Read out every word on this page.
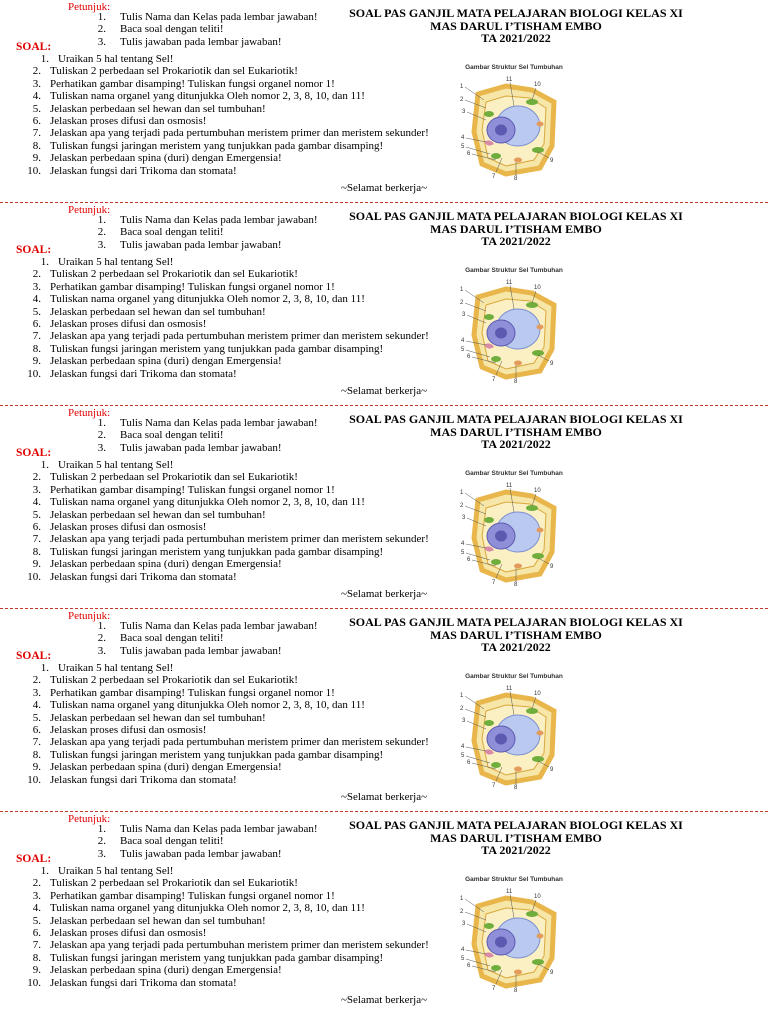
Petunjuk:
1.	Tulis Nama dan Kelas pada lembar jawaban!
2.	Baca soal dengan teliti!
3.	Tulis jawaban pada lembar jawaban!
SOAL PAS GANJIL MATA PELAJARAN BIOLOGI KELAS XI
MAS DARUL I’TISHAM EMBO
TA 2021/2022
SOAL:
1. Uraikan 5 hal tentang Sel!
2. Tuliskan 2 perbedaan sel Prokariotik dan sel Eukariotik!
3. Perhatikan gambar disamping! Tuliskan fungsi organel nomor 1!
4. Tuliskan nama organel yang ditunjukka Oleh nomor 2, 3, 8, 10, dan 11!
5. Jelaskan perbedaan sel hewan dan sel tumbuhan!
6. Jelaskan proses difusi dan osmosis!
7. Jelaskan apa yang terjadi pada pertumbuhan meristem primer dan meristem sekunder!
8. Tuliskan fungsi jaringan meristem yang tunjukkan pada gambar disamping!
9. Jelaskan perbedaan spina (duri) dengan Emergensia!
10. Jelaskan fungsi dari Trikoma dan stomata!
Gambar Struktur Sel Tumbuhan
1
2
3
4
5
6
7	8
9
10
11
~Selamat berkerja~
Petunjuk:
1.	Tulis Nama dan Kelas pada lembar jawaban!
2.	Baca soal dengan teliti!
3.	Tulis jawaban pada lembar jawaban!
SOAL PAS GANJIL MATA PELAJARAN BIOLOGI KELAS XI
MAS DARUL I’TISHAM EMBO
TA 2021/2022
SOAL:
1. Uraikan 5 hal tentang Sel!
2. Tuliskan 2 perbedaan sel Prokariotik dan sel Eukariotik!
3. Perhatikan gambar disamping! Tuliskan fungsi organel nomor 1!
4. Tuliskan nama organel yang ditunjukka Oleh nomor 2, 3, 8, 10, dan 11!
5. Jelaskan perbedaan sel hewan dan sel tumbuhan!
6. Jelaskan proses difusi dan osmosis!
7. Jelaskan apa yang terjadi pada pertumbuhan meristem primer dan meristem sekunder!
8. Tuliskan fungsi jaringan meristem yang tunjukkan pada gambar disamping!
9. Jelaskan perbedaan spina (duri) dengan Emergensia!
10. Jelaskan fungsi dari Trikoma dan stomata!
Gambar Struktur Sel Tumbuhan
1
2
3
4
5
6
7	8
9
10
11
~Selamat berkerja~
Petunjuk:
1.	Tulis Nama dan Kelas pada lembar jawaban!
2.	Baca soal dengan teliti!
3.	Tulis jawaban pada lembar jawaban!
SOAL PAS GANJIL MATA PELAJARAN BIOLOGI KELAS XI
MAS DARUL I’TISHAM EMBO
TA 2021/2022
SOAL:
1. Uraikan 5 hal tentang Sel!
2. Tuliskan 2 perbedaan sel Prokariotik dan sel Eukariotik!
3. Perhatikan gambar disamping! Tuliskan fungsi organel nomor 1!
4. Tuliskan nama organel yang ditunjukka Oleh nomor 2, 3, 8, 10, dan 11!
5. Jelaskan perbedaan sel hewan dan sel tumbuhan!
6. Jelaskan proses difusi dan osmosis!
7. Jelaskan apa yang terjadi pada pertumbuhan meristem primer dan meristem sekunder!
8. Tuliskan fungsi jaringan meristem yang tunjukkan pada gambar disamping!
9. Jelaskan perbedaan spina (duri) dengan Emergensia!
10. Jelaskan fungsi dari Trikoma dan stomata!
Gambar Struktur Sel Tumbuhan
1
2
3
4
5
6
7	8
9
10
11
~Selamat berkerja~
Petunjuk:
1.	Tulis Nama dan Kelas pada lembar jawaban!
2.	Baca soal dengan teliti!
3.	Tulis jawaban pada lembar jawaban!
SOAL PAS GANJIL MATA PELAJARAN BIOLOGI KELAS XI
MAS DARUL I’TISHAM EMBO
TA 2021/2022
SOAL:
1. Uraikan 5 hal tentang Sel!
2. Tuliskan 2 perbedaan sel Prokariotik dan sel Eukariotik!
3. Perhatikan gambar disamping! Tuliskan fungsi organel nomor 1!
4. Tuliskan nama organel yang ditunjukka Oleh nomor 2, 3, 8, 10, dan 11!
5. Jelaskan perbedaan sel hewan dan sel tumbuhan!
6. Jelaskan proses difusi dan osmosis!
7. Jelaskan apa yang terjadi pada pertumbuhan meristem primer dan meristem sekunder!
8. Tuliskan fungsi jaringan meristem yang tunjukkan pada gambar disamping!
9. Jelaskan perbedaan spina (duri) dengan Emergensia!
10. Jelaskan fungsi dari Trikoma dan stomata!
Gambar Struktur Sel Tumbuhan
1
2
3
4
5
6
7	8
9
10
11
~Selamat berkerja~
Petunjuk:
1.	Tulis Nama dan Kelas pada lembar jawaban!
2.	Baca soal dengan teliti!
3.	Tulis jawaban pada lembar jawaban!
SOAL PAS GANJIL MATA PELAJARAN BIOLOGI KELAS XI
MAS DARUL I’TISHAM EMBO
TA 2021/2022
SOAL:
1. Uraikan 5 hal tentang Sel!
2. Tuliskan 2 perbedaan sel Prokariotik dan sel Eukariotik!
3. Perhatikan gambar disamping! Tuliskan fungsi organel nomor 1!
4. Tuliskan nama organel yang ditunjukka Oleh nomor 2, 3, 8, 10, dan 11!
5. Jelaskan perbedaan sel hewan dan sel tumbuhan!
6. Jelaskan proses difusi dan osmosis!
7. Jelaskan apa yang terjadi pada pertumbuhan meristem primer dan meristem sekunder!
8. Tuliskan fungsi jaringan meristem yang tunjukkan pada gambar disamping!
9. Jelaskan perbedaan spina (duri) dengan Emergensia!
10. Jelaskan fungsi dari Trikoma dan stomata!
Gambar Struktur Sel Tumbuhan
1
2
3
4
5
6
7	8
9
10
11
~Selamat berkerja~
